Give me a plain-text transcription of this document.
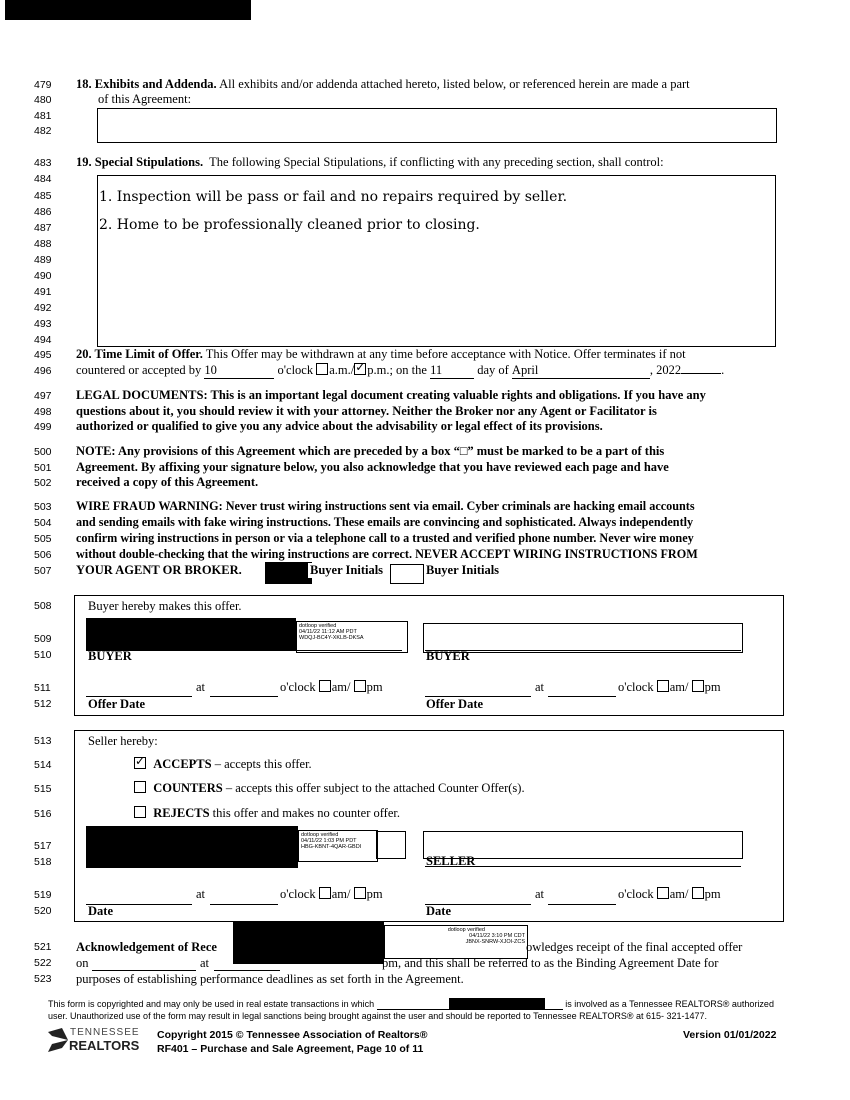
479
480
481
482
483
484
485
486
487
488
489
490
491
492
493
494
495
496
497
498
499
500
501
502
503
504
505
506
507
508
509
510
511
512
513
514
515
516
517
518
519
520
521
522
523
18. Exhibits and Addenda. All exhibits and/or addenda attached hereto, listed below, or referenced herein are made a part
of this Agreement:
19. Special Stipulations. The following Special Stipulations, if conflicting with any preceding section, shall control:
1. Inspection will be pass or fail and no repairs required by seller.
2. Home to be professionally cleaned prior to closing.
20. Time Limit of Offer. This Offer may be withdrawn at any time before acceptance with Notice. Offer terminates if not
countered or accepted by 10	o'clock a.m./ ✓ p.m.; on the 11	day of April	, 2022	.
LEGAL DOCUMENTS: This is an important legal document creating valuable rights and obligations. If you have any
questions about it, you should review it with your attorney. Neither the Broker nor any Agent or Facilitator is
authorized or qualified to give you any advice about the advisability or legal effect of its provisions.
NOTE: Any provisions of this Agreement which are preceded by a box “□” must be marked to be a part of this
Agreement. By affixing your signature below, you also acknowledge that you have reviewed each page and have
received a copy of this Agreement.
WIRE FRAUD WARNING: Never trust wiring instructions sent via email. Cyber criminals are hacking email accounts
and sending emails with fake wiring instructions. These emails are convincing and sophisticated. Always independently
confirm wiring instructions in person or via a telephone call to a trusted and verified phone number. Never wire money
without double-checking that the wiring instructions are correct. NEVER ACCEPT WIRING INSTRUCTIONS FROM
YOUR AGENT OR BROKER.	Buyer Initials	Buyer Initials
Buyer hereby makes this offer.
dotloop verified
04/11/22 11:12 AM PDT
WDQJ-BC4Y-XKLB-DKSA
BUYER	BUYER
at	o'clock am/ pm	at	o'clock am/ pm
Offer Date	Offer Date
Seller hereby:
✓  ACCEPTS – accepts this offer.
COUNTERS – accepts this offer subject to the attached Counter Offer(s).
REJECTS this offer and makes no counter offer.
dotloop verified
04/11/22 1:03 PM PDT
HBG-KBNT-4QAR-GBDI
SELLER
at	o'clock am/ pm	at	o'clock am/ pm
Date	Date
Acknowledgement of Rece
dotloop verified
04/11/22 3:10 PM CDT
JBNX-SNRW-XJOI-ZCS owledges receipt of the final accepted offer
on	at	pm, and this shall be referred to as the Binding Agreement Date for
purposes of establishing performance deadlines as set forth in the Agreement.
This form is copyrighted and may only be used in real estate transactions in which	is involved as a Tennessee REALTORS® authorized
user. Unauthorized use of the form may result in legal sanctions being brought against the user and should be reported to Tennessee REALTORS® at 615- 321-1477.
TENNESSEE
REALTORS
Copyright 2015 © Tennessee Association of Realtors®
RF401 – Purchase and Sale Agreement, Page 10 of 11
Version 01/01/2022
